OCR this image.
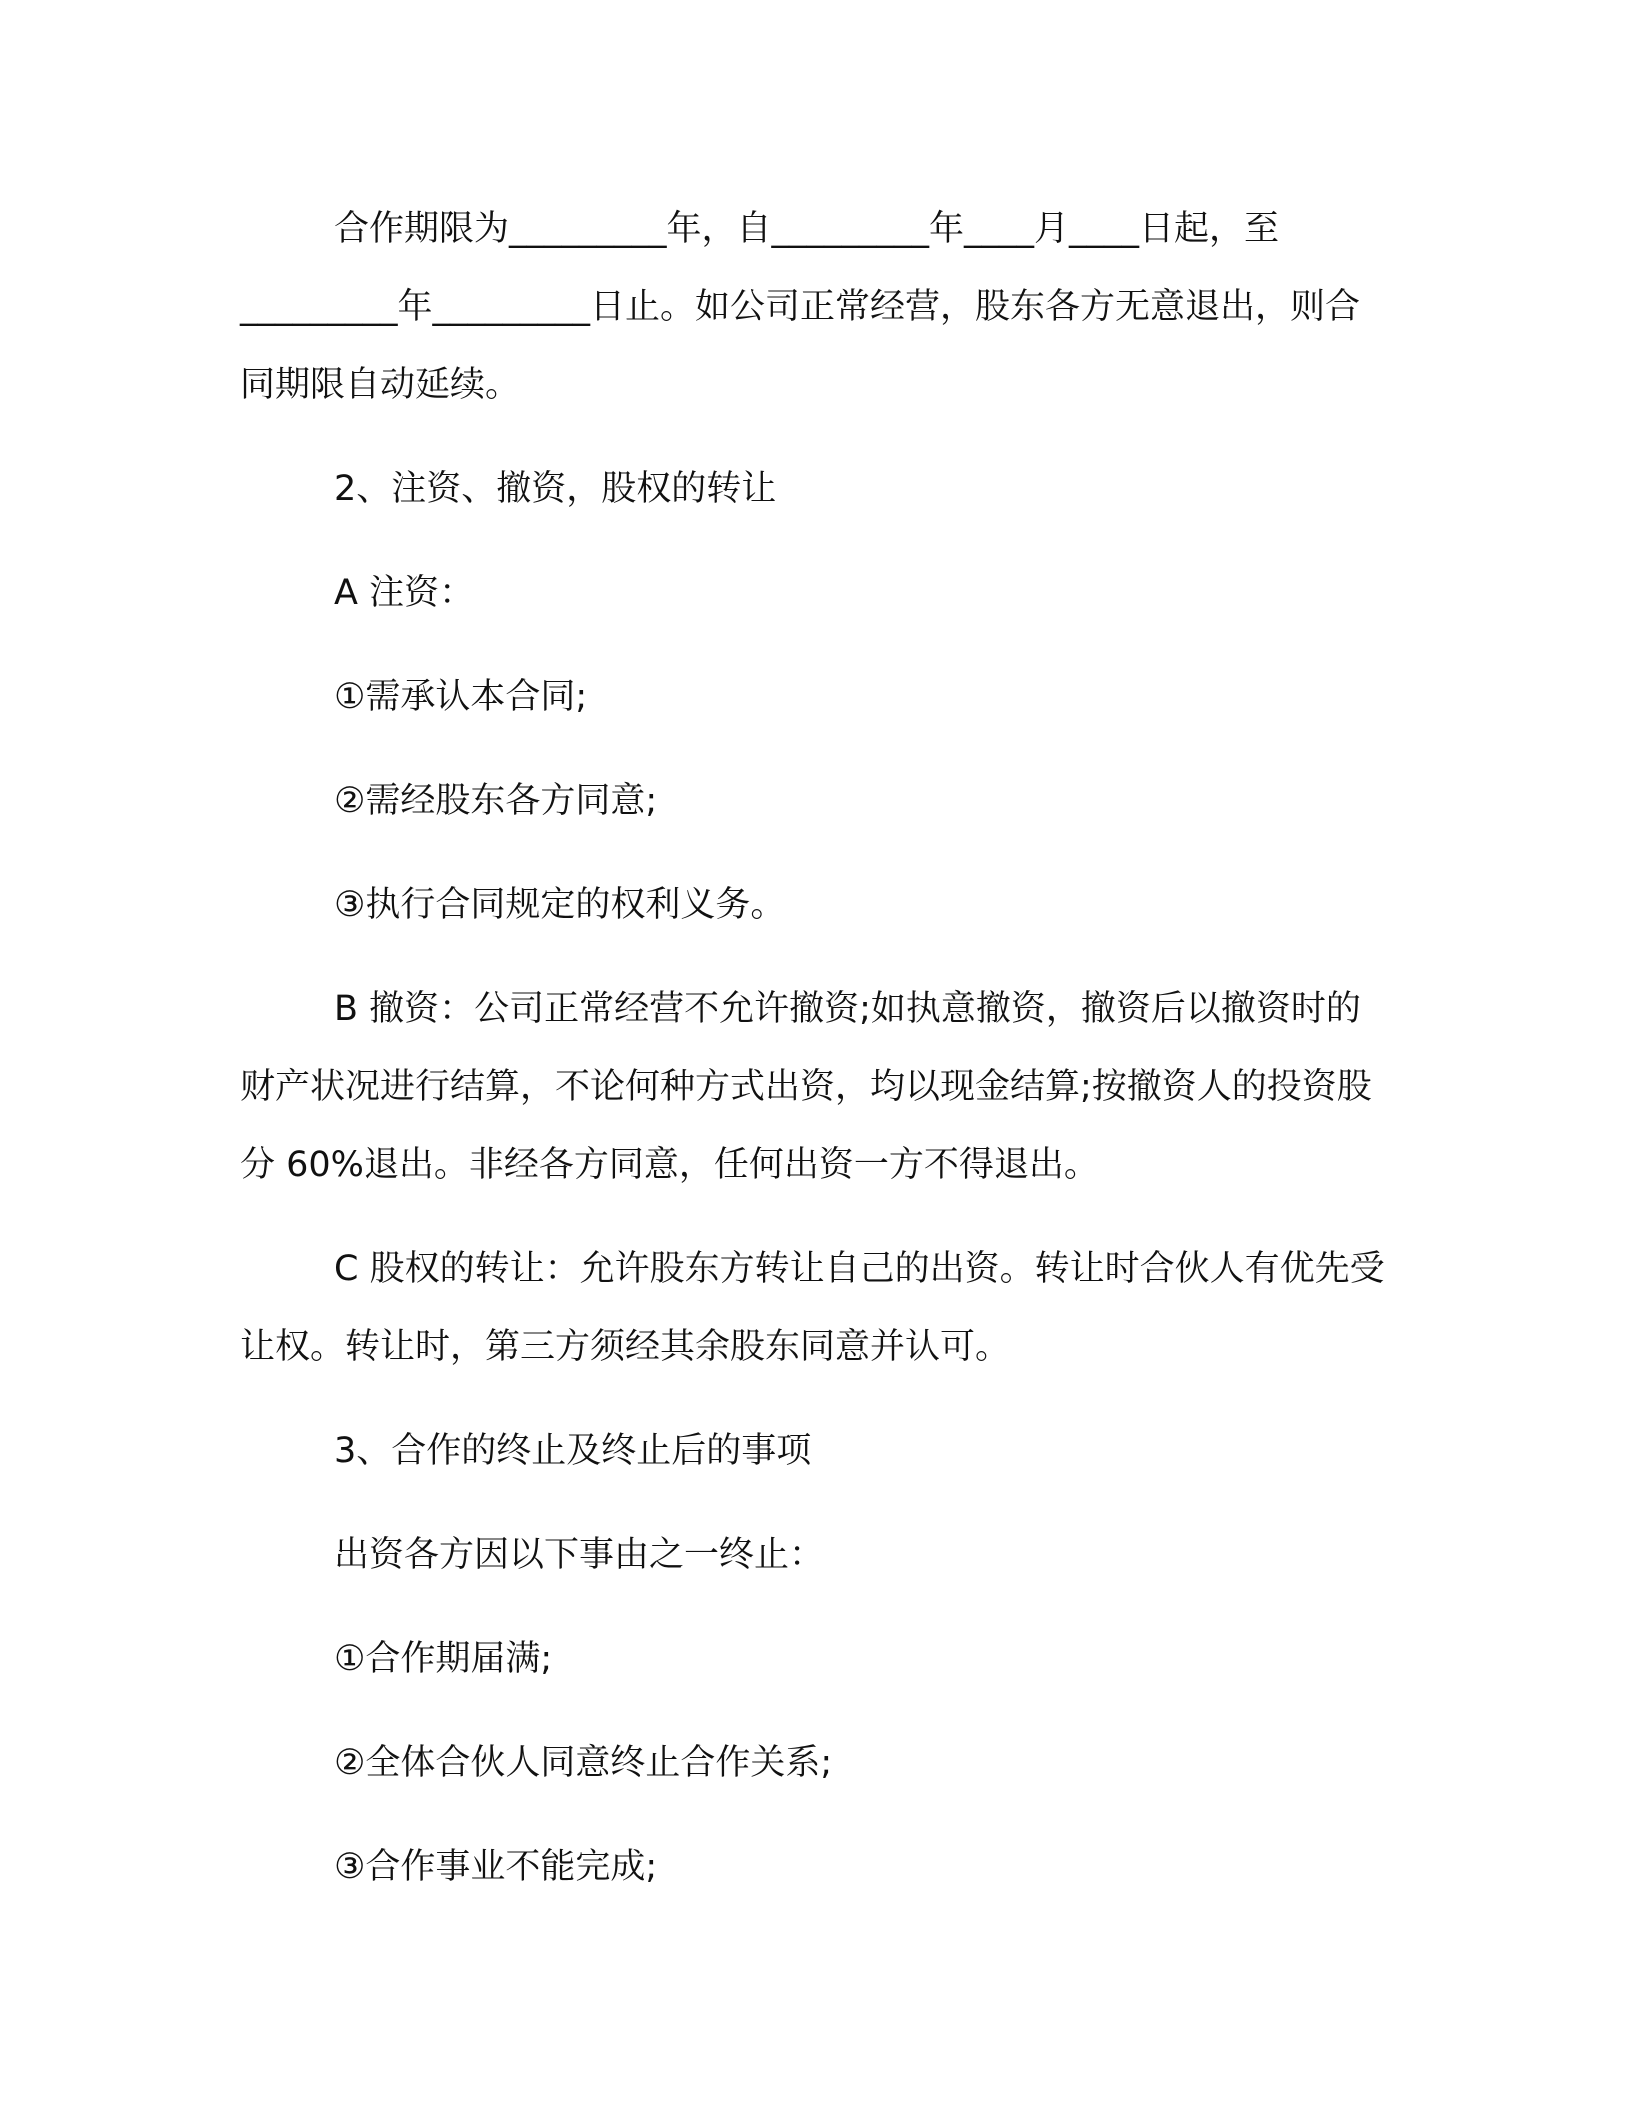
合作期限为_________年，自_________年____月____日起，至_________年_________日止。如公司正常经营，股东各方无意退出，则合同期限自动延续。

2、注资、撤资，股权的转让

A 注资：

①需承认本合同;

②需经股东各方同意;

③执行合同规定的权利义务。

B 撤资：公司正常经营不允许撤资;如执意撤资，撤资后以撤资时的财产状况进行结算，不论何种方式出资，均以现金结算;按撤资人的投资股分 60%退出。非经各方同意，任何出资一方不得退出。

C 股权的转让：允许股东方转让自己的出资。转让时合伙人有优先受让权。转让时，第三方须经其余股东同意并认可。

3、合作的终止及终止后的事项

出资各方因以下事由之一终止：

①合作期届满;

②全体合伙人同意终止合作关系;

③合作事业不能完成;
